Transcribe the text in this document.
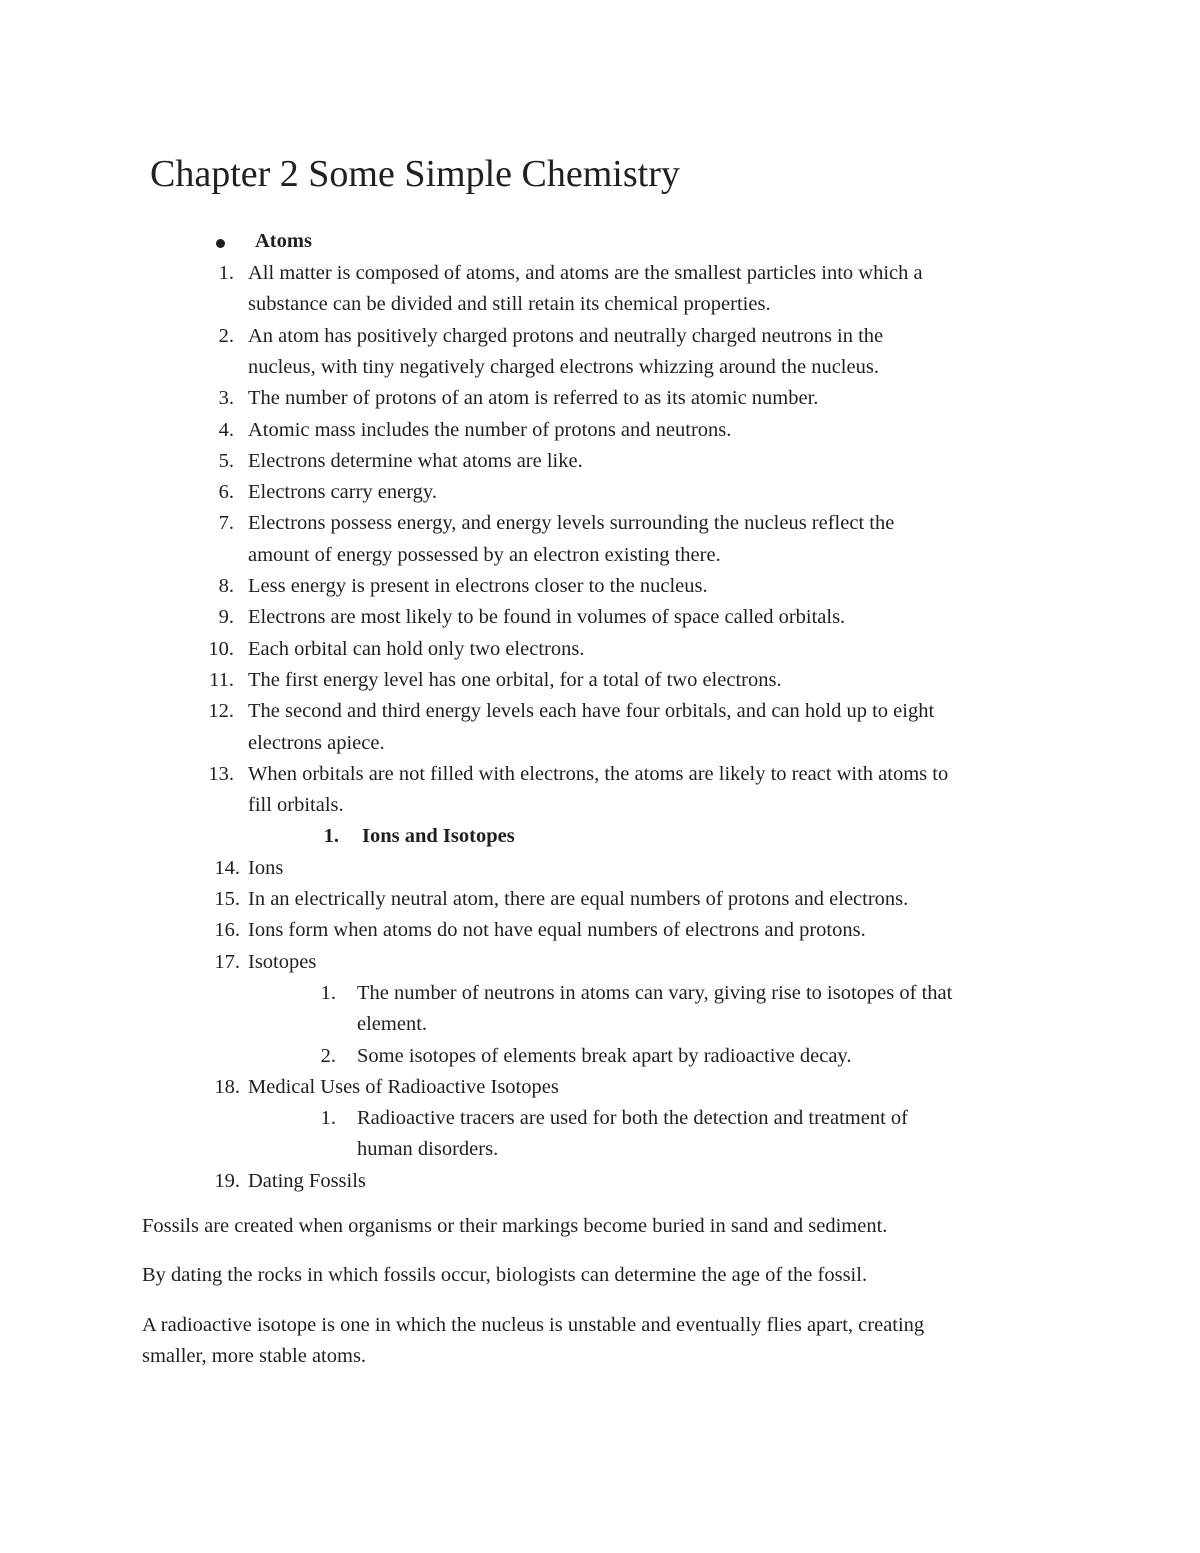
Chapter 2 Some Simple Chemistry
Atoms
1. All matter is composed of atoms, and atoms are the smallest particles into which a
substance can be divided and still retain its chemical properties.
2. An atom has positively charged protons and neutrally charged neutrons in the
nucleus, with tiny negatively charged electrons whizzing around the nucleus.
3. The number of protons of an atom is referred to as its atomic number.
4. Atomic mass includes the number of protons and neutrons.
5. Electrons determine what atoms are like.
6. Electrons carry energy.
7. Electrons possess energy, and energy levels surrounding the nucleus reflect the
amount of energy possessed by an electron existing there.
8. Less energy is present in electrons closer to the nucleus.
9. Electrons are most likely to be found in volumes of space called orbitals.
10. Each orbital can hold only two electrons.
11. The first energy level has one orbital, for a total of two electrons.
12. The second and third energy levels each have four orbitals, and can hold up to eight
electrons apiece.
13. When orbitals are not filled with electrons, the atoms are likely to react with atoms to
fill orbitals.
1. Ions and Isotopes
14. Ions
15. In an electrically neutral atom, there are equal numbers of protons and electrons.
16. Ions form when atoms do not have equal numbers of electrons and protons.
17. Isotopes
1. The number of neutrons in atoms can vary, giving rise to isotopes of that
element.
2. Some isotopes of elements break apart by radioactive decay.
18. Medical Uses of Radioactive Isotopes
1. Radioactive tracers are used for both the detection and treatment of
human disorders.
19. Dating Fossils
Fossils are created when organisms or their markings become buried in sand and sediment.
By dating the rocks in which fossils occur, biologists can determine the age of the fossil.
A radioactive isotope is one in which the nucleus is unstable and eventually flies apart, creating
smaller, more stable atoms.
